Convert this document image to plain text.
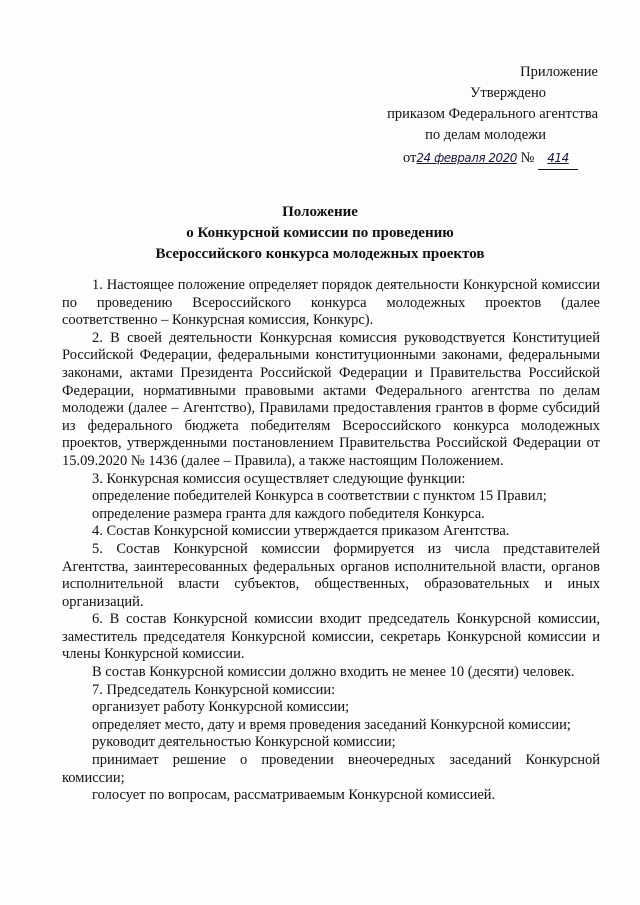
Приложение
Утверждено
приказом Федерального агентства
по делам молодежи
от24 февраля 2020 № 414
Положение
о Конкурсной комиссии по проведению
Всероссийского конкурса молодежных проектов

1. Настоящее положение определяет порядок деятельности Конкурсной комиссии по проведению Всероссийского конкурса молодежных проектов (далее соответственно – Конкурсная комиссия, Конкурс).

2. В своей деятельности Конкурсная комиссия руководствуется Конституцией Российской Федерации, федеральными конституционными законами, федеральными законами, актами Президента Российской Федерации и Правительства Российской Федерации, нормативными правовыми актами Федерального агентства по делам молодежи (далее – Агентство), Правилами предоставления грантов в форме субсидий из федерального бюджета победителям Всероссийского конкурса молодежных проектов, утвержденными постановлением Правительства Российской Федерации от 15.09.2020 № 1436 (далее – Правила), а также настоящим Положением.

3. Конкурсная комиссия осуществляет следующие функции:

определение победителей Конкурса в соответствии с пунктом 15 Правил;

определение размера гранта для каждого победителя Конкурса.

4. Состав Конкурсной комиссии утверждается приказом Агентства.

5. Состав Конкурсной комиссии формируется из числа представителей Агентства, заинтересованных федеральных органов исполнительной власти, органов исполнительной власти субъектов, общественных, образовательных и иных организаций.

6. В состав Конкурсной комиссии входит председатель Конкурсной комиссии, заместитель председателя Конкурсной комиссии, секретарь Конкурсной комиссии и члены Конкурсной комиссии.

В состав Конкурсной комиссии должно входить не менее 10 (десяти) человек.

7. Председатель Конкурсной комиссии:

организует работу Конкурсной комиссии;

определяет место, дату и время проведения заседаний Конкурсной комиссии;

руководит деятельностью Конкурсной комиссии;

принимает решение о проведении внеочередных заседаний Конкурсной комиссии;

голосует по вопросам, рассматриваемым Конкурсной комиссией.
